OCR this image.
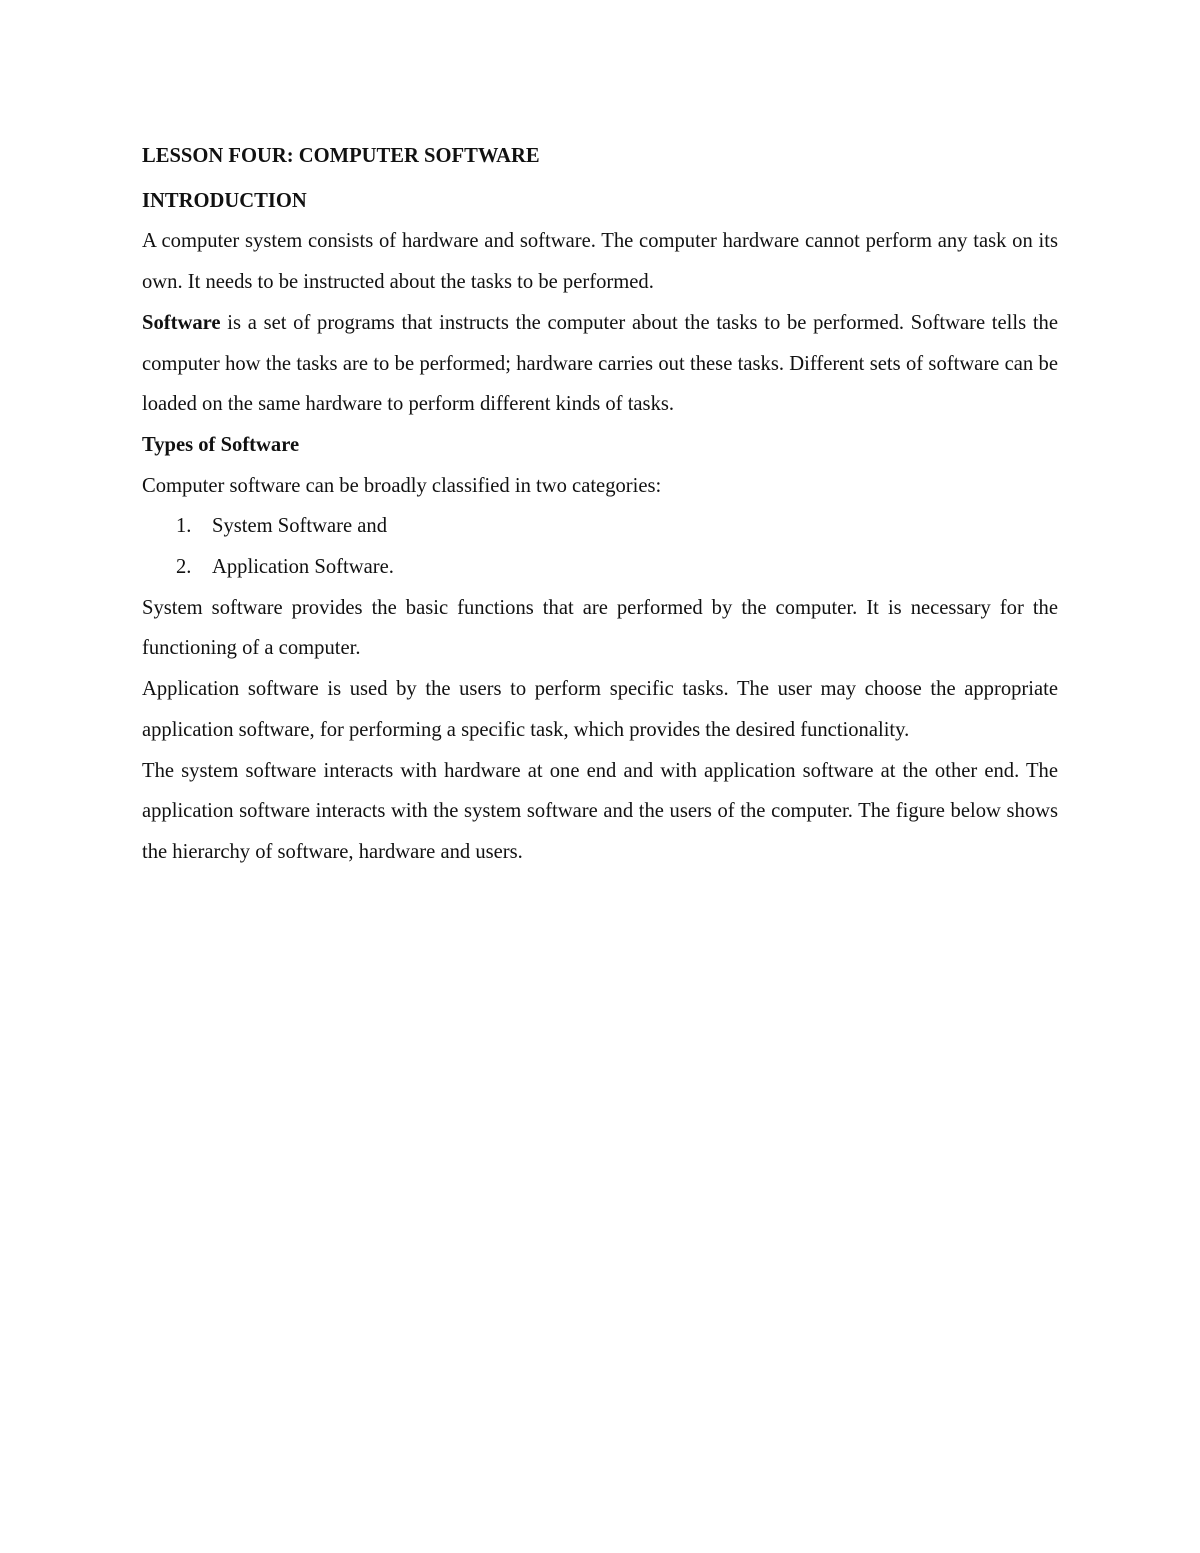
LESSON FOUR: COMPUTER SOFTWARE

INTRODUCTION

A computer system consists of hardware and software. The computer hardware cannot perform any task on its own. It needs to be instructed about the tasks to be performed.

Software is a set of programs that instructs the computer about the tasks to be performed. Software tells the computer how the tasks are to be performed; hardware carries out these tasks. Different sets of software can be loaded on the same hardware to perform different kinds of tasks.

Types of Software

Computer software can be broadly classified in two categories:

1. System Software and
2. Application Software.

System software provides the basic functions that are performed by the computer. It is necessary for the functioning of a computer.

Application software is used by the users to perform specific tasks. The user may choose the appropriate application software, for performing a specific task, which provides the desired functionality.

The system software interacts with hardware at one end and with application software at the other end. The application software interacts with the system software and the users of the computer. The figure below shows the hierarchy of software, hardware and users.
